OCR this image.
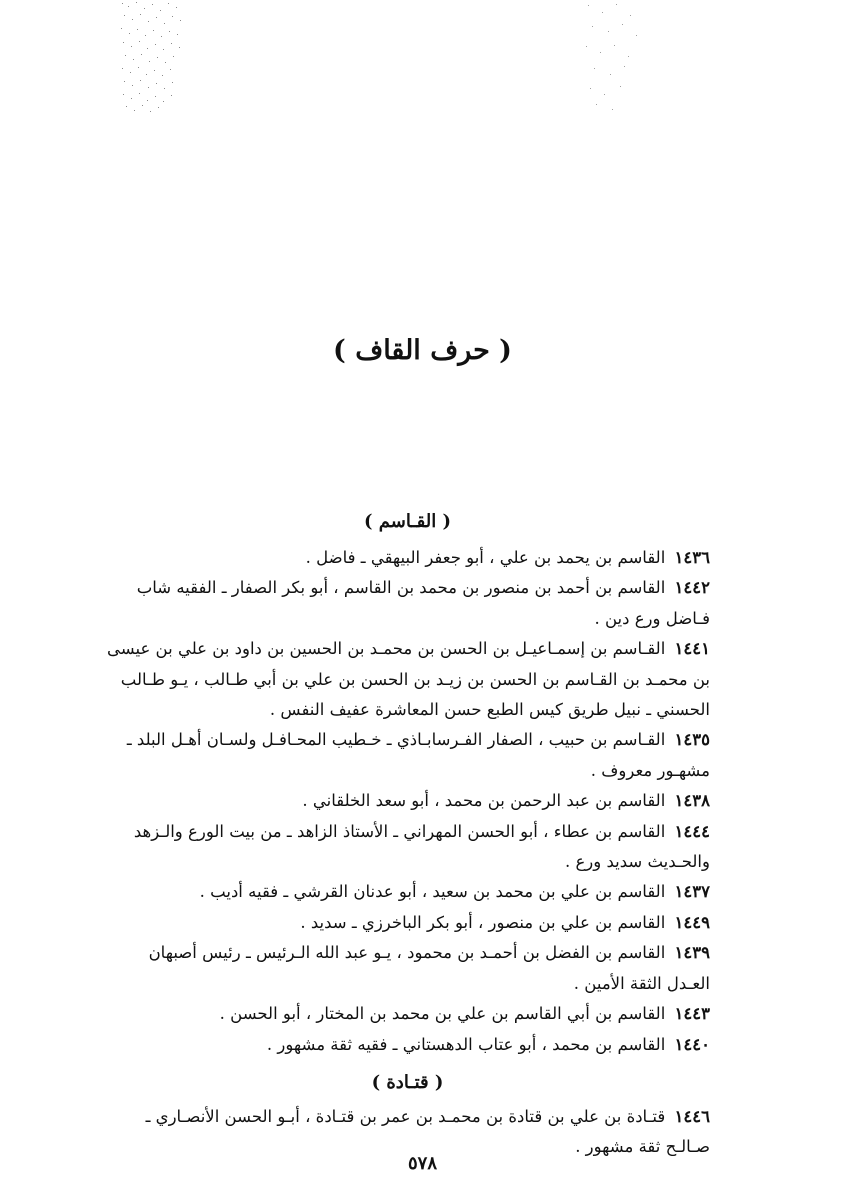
( حرف القاف )
( القـاسم )

١٤٣٦ القاسم بن يحمد بن علي ، أبو جعفر البيهقي ـ فاضل .

١٤٤٢ القاسم بن أحمد بن منصور بن محمد بن القاسم ، أبو بكر الصفار ـ الفقيه شاب فـاضل ورع دين .

١٤٤١ القـاسم بن إسمـاعيـل بن الحسن بن محمـد بن الحسين بن داود بن علي بن عيسى بن محمـد بن القـاسم بن الحسن بن زيـد بن الحسن بن علي بن أبي طـالب ، يـو طـالب الحسني ـ نبيل طريق كيس الطبع حسن المعاشرة عفيف النفس .

١٤٣٥ القـاسم بن حبيب ، الصفار الفـرسابـاذي ـ خـطيب المحـافـل ولسـان أهـل البلد ـ مشهـور معروف .

١٤٣٨ القاسم بن عبد الرحمن بن محمد ، أبو سعد الخلقاني .

١٤٤٤ القاسم بن عطاء ، أبو الحسن المهراني ـ الأستاذ الزاهد ـ من بيت الورع والـزهد والحـديث سديد ورع .

١٤٣٧ القاسم بن علي بن محمد بن سعيد ، أبو عدنان القرشي ـ فقيه أديب .

١٤٤٩ القاسم بن علي بن منصور ، أبو بكر الباخرزي ـ سديد .

١٤٣٩ القاسم بن الفضل بن أحمـد بن محمود ، يـو عبد الله الـرئيس ـ رئيس أصبهان العـدل الثقة الأمين .

١٤٤٣ القاسم بن أبي القاسم بن علي بن محمد بن المختار ، أبو الحسن .

١٤٤٠ القاسم بن محمد ، أبو عتاب الدهستاني ـ فقيه ثقة مشهور .

( قتـادة )

١٤٤٦ قتـادة بن علي بن قتادة بن محمـد بن عمر بن قتـادة ، أبـو الحسن الأنصـاري ـ صـالـح ثقة مشهور .

٥٧٨
